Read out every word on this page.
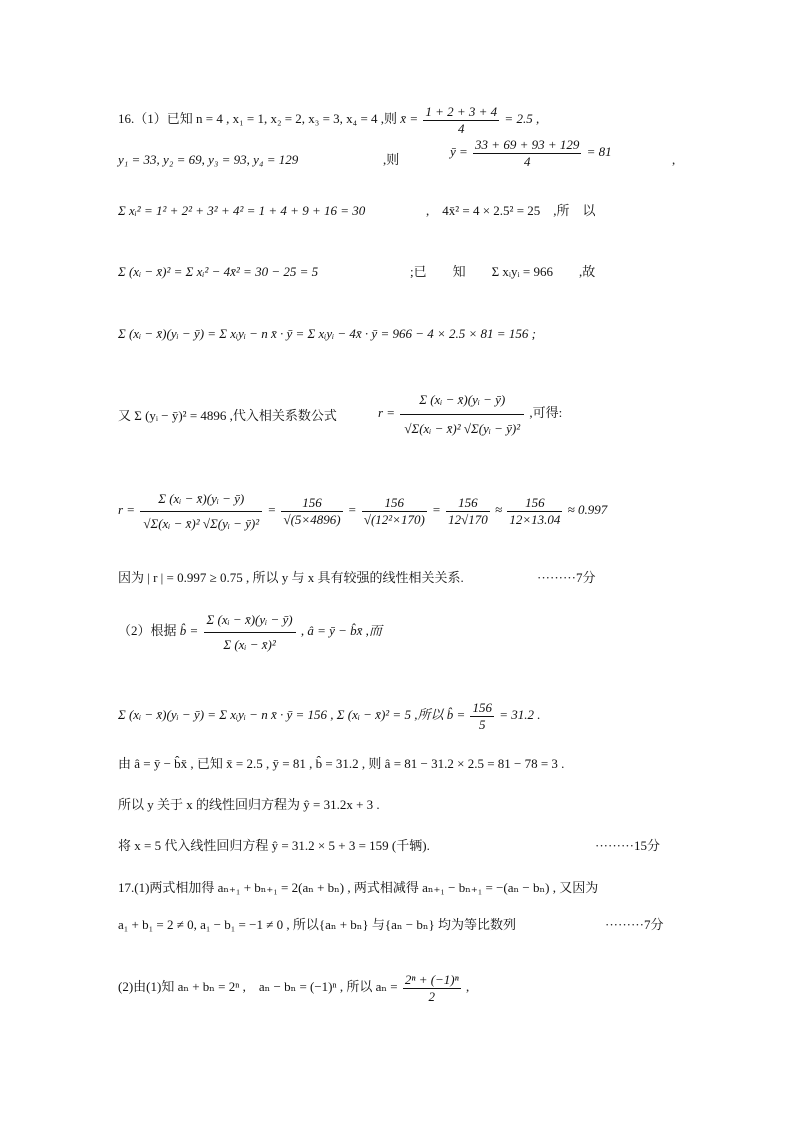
16.（1）已知 n = 4 , x₁ = 1, x₂ = 2, x₃ = 3, x₄ = 4 ,则 x̄ = $\frac{1 + 2 + 3 + 4}{4} = 2.5$ ,
y₁ = 33, y₂ = 69, y₃ = 93, y₄ = 129	,则
ȳ = $\frac{33 + 69 + 93 + 129}{4} = 81$
,
Σ xᵢ² = 1² + 2² + 3² + 4² = 1 + 4 + 9 + 16 = 30	,　4x̄² = 4 × 2.5² = 25　,所　以
Σ (xᵢ − x̄)² = Σ xᵢ² − 4x̄² = 30 − 25 = 5	;已　　知　　Σ xᵢyᵢ = 966　　,故
Σ (xᵢ − x̄)(yᵢ − ȳ) = Σ xᵢyᵢ − n x̄ · ȳ = Σ xᵢyᵢ − 4x̄ · ȳ = 966 − 4 × 2.5 × 81 = 156 ;
又 Σ (yᵢ − ȳ)² = 4896 ,代入相关系数公式	$r = \frac{\text{Σ (xᵢ − x̄)(yᵢ − ȳ)}}{\text{√Σ(xᵢ − x̄)² √Σ(yᵢ − ȳ)²}}$ ,可得:
$r = \frac{\text{Σ (xᵢ − x̄)(yᵢ − ȳ)}}{\text{√Σ(xᵢ − x̄)² √Σ(yᵢ − ȳ)²}} = \frac{156}{√(5\times 4896)} = \frac{156}{\text{√(12²×170)}} = \frac{156}{12√170} \approx \frac{156}{12\times 13.04} \approx 0.997$
因为 | r | = 0.997 ≥ 0.75 , 所以 y 与 x 具有较强的线性相关关系.	·········7分
（2）根据 b̂ = $\frac{\text{Σ (xᵢ − x̄)(yᵢ − ȳ)}}{\text{Σ (xᵢ − x̄)²}}$ , â = ȳ − b̂x̄ ,而
Σ (xᵢ − x̄)(yᵢ − ȳ) = Σ xᵢyᵢ − n x̄ · ȳ = 156 , Σ (xᵢ − x̄)² = 5 ,所以 b̂ = $\frac{156}{5} = 31.2$ .
由 â = ȳ − b̂x̄ , 已知 x̄ = 2.5 , ȳ = 81 , b̂ = 31.2 , 则 â = 81 − 31.2 × 2.5 = 81 − 78 = 3 .
所以 y 关于 x 的线性回归方程为 ŷ = 31.2x + 3 .
将 x = 5 代入线性回归方程 ŷ = 31.2 × 5 + 3 = 159 (千辆).	·········15分
17.(1)两式相加得 aₙ₊₁ + bₙ₊₁ = 2(aₙ + bₙ) , 两式相减得 aₙ₊₁ − bₙ₊₁ = −(aₙ − bₙ) , 又因为
a₁ + b₁ = 2 ≠ 0, a₁ − b₁ = −1 ≠ 0 , 所以{aₙ + bₙ} 与{aₙ − bₙ} 均为等比数列	·········7分
(2)由(1)知 aₙ + bₙ = 2ⁿ ,　aₙ − bₙ = (−1)ⁿ , 所以 $a_n = \frac{\text{2ⁿ + (−1)ⁿ}}{2}$ ,
